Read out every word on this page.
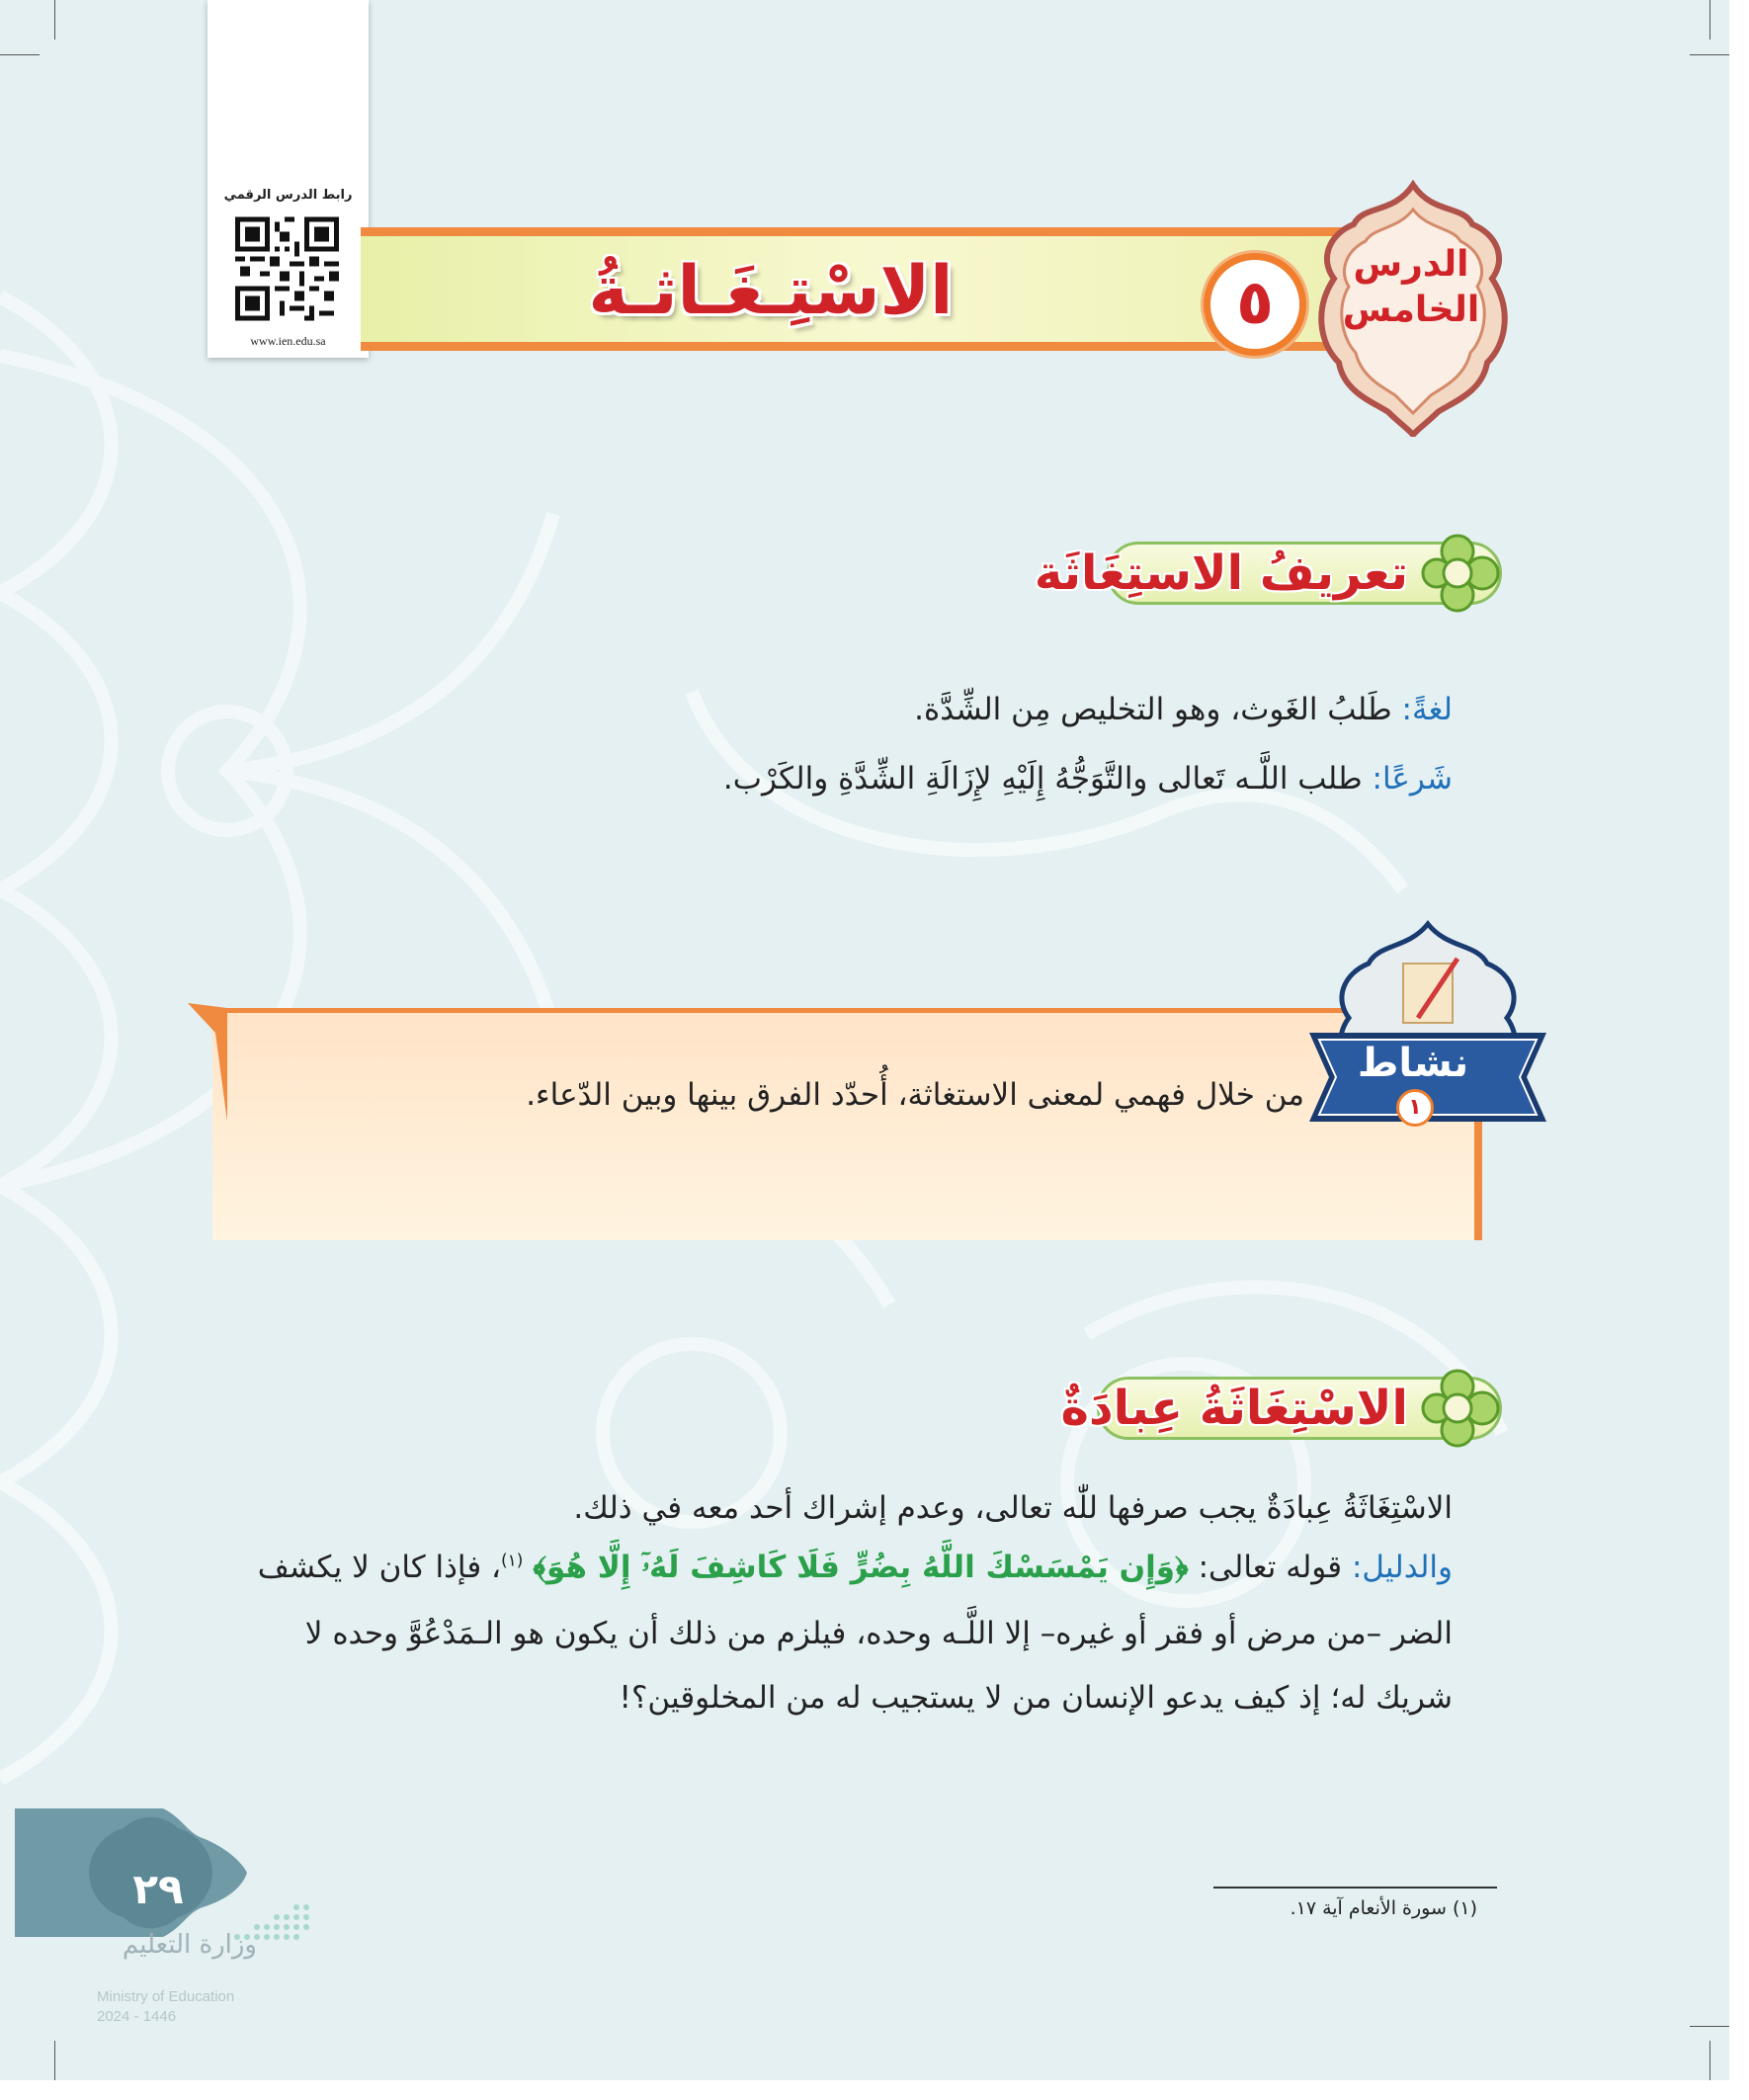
رابط الدرس الرقمي
www.ien.edu.sa
الاسْتِـغَـاثـةُ	٥
الدرس
الخامس
تعريفُ الاستِغَاثَة
لغةً: طَلبُ الغَوث، وهو التخليص مِن الشِّدَّة.
شَرعًا: طلب اللَّـه تَعالى والتَّوَجُّهُ إِلَيْهِ لإِزَالَةِ الشِّدَّةِ والكَرْب.
من خلال فهمي لمعنى الاستغاثة، أُحدّد الفرق بينها وبين الدّعاء.
نشاط
١
الاسْتِغَاثَةُ عِبادَةٌ
الاسْتِغَاثَةُ عِبادَةٌ يجب صرفها للّٰه تعالى، وعدم إشراك أحد معه ﻓﻲ ذلك.
والدليل: قوله تعالى: ﴿وَإِن يَمْسَسْكَ اللَّهُ بِضُرٍّ فَلَا كَاشِفَ لَهُۥٓ إِلَّا هُوَ﴾ $^{(١)}$، فإذا كان لا يكشف
الضر –من مرض أو فقر أو غيره– إلا اللَّـه وحده، فيلزم من ذلك أن يكون هو الـمَدْعُوَّ وحده لا
شريك له؛ إذ كيف يدعو الإنسان من لا يستجيب له من المخلوقين؟!
(١) سورة الأنعام آية ١٧.
٢٩
وزارة التعليم
Ministry of Education
2024 - 1446
